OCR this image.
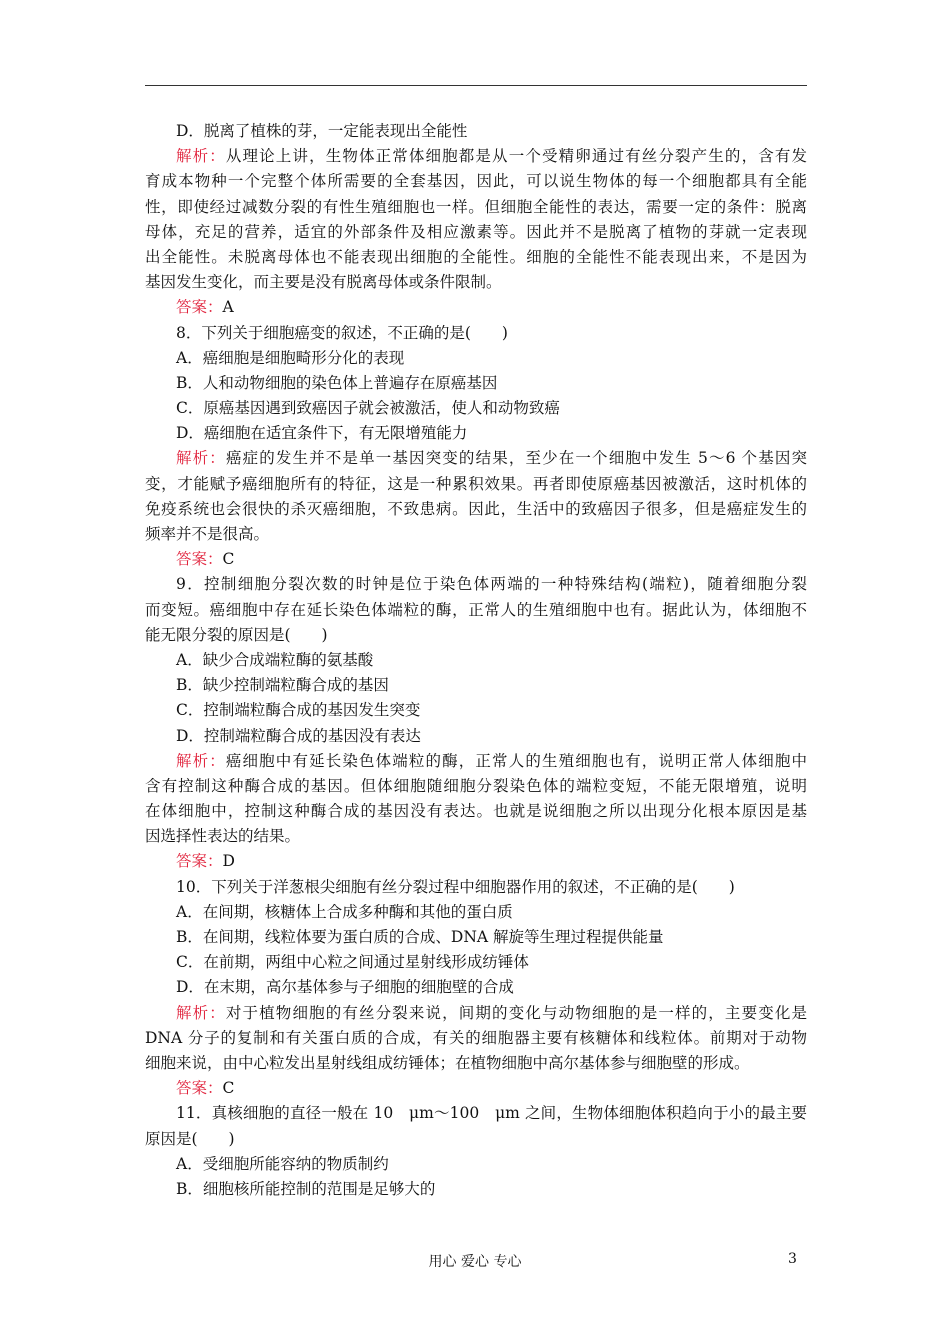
D．脱离了植株的芽，一定能表现出全能性
解析：从理论上讲，生物体正常体细胞都是从一个受精卵通过有丝分裂产生的，含有发
育成本物种一个完整个体所需要的全套基因，因此，可以说生物体的每一个细胞都具有全能
性，即使经过减数分裂的有性生殖细胞也一样。但细胞全能性的表达，需要一定的条件：脱离
母体，充足的营养，适宜的外部条件及相应激素等。因此并不是脱离了植物的芽就一定表现
出全能性。未脱离母体也不能表现出细胞的全能性。细胞的全能性不能表现出来，不是因为
基因发生变化，而主要是没有脱离母体或条件限制。
答案：A
8．下列关于细胞癌变的叙述，不正确的是(　　)
A．癌细胞是细胞畸形分化的表现
B．人和动物细胞的染色体上普遍存在原癌基因
C．原癌基因遇到致癌因子就会被激活，使人和动物致癌
D．癌细胞在适宜条件下，有无限增殖能力
解析：癌症的发生并不是单一基因突变的结果，至少在一个细胞中发生 5～6 个基因突
变，才能赋予癌细胞所有的特征，这是一种累积效果。再者即使原癌基因被激活，这时机体的
免疫系统也会很快的杀灭癌细胞，不致患病。因此，生活中的致癌因子很多，但是癌症发生的
频率并不是很高。
答案：C
9．控制细胞分裂次数的时钟是位于染色体两端的一种特殊结构(端粒)，随着细胞分裂
而变短。癌细胞中存在延长染色体端粒的酶，正常人的生殖细胞中也有。据此认为，体细胞不
能无限分裂的原因是(　　)
A．缺少合成端粒酶的氨基酸
B．缺少控制端粒酶合成的基因
C．控制端粒酶合成的基因发生突变
D．控制端粒酶合成的基因没有表达
解析：癌细胞中有延长染色体端粒的酶，正常人的生殖细胞也有，说明正常人体细胞中
含有控制这种酶合成的基因。但体细胞随细胞分裂染色体的端粒变短，不能无限增殖，说明
在体细胞中，控制这种酶合成的基因没有表达。也就是说细胞之所以出现分化根本原因是基
因选择性表达的结果。
答案：D
10．下列关于洋葱根尖细胞有丝分裂过程中细胞器作用的叙述，不正确的是(　　)
A．在间期，核糖体上合成多种酶和其他的蛋白质
B．在间期，线粒体要为蛋白质的合成、DNA 解旋等生理过程提供能量
C．在前期，两组中心粒之间通过星射线形成纺锤体
D．在末期，高尔基体参与子细胞的细胞壁的合成
解析：对于植物细胞的有丝分裂来说，间期的变化与动物细胞的是一样的，主要变化是
DNA 分子的复制和有关蛋白质的合成，有关的细胞器主要有核糖体和线粒体。前期对于动物
细胞来说，由中心粒发出星射线组成纺锤体；在植物细胞中高尔基体参与细胞壁的形成。
答案：C
11．真核细胞的直径一般在 10　μm～100　μm 之间，生物体细胞体积趋向于小的最主要
原因是(　　)
A．受细胞所能容纳的物质制约
B．细胞核所能控制的范围是足够大的
用心 爱心 专心	3
